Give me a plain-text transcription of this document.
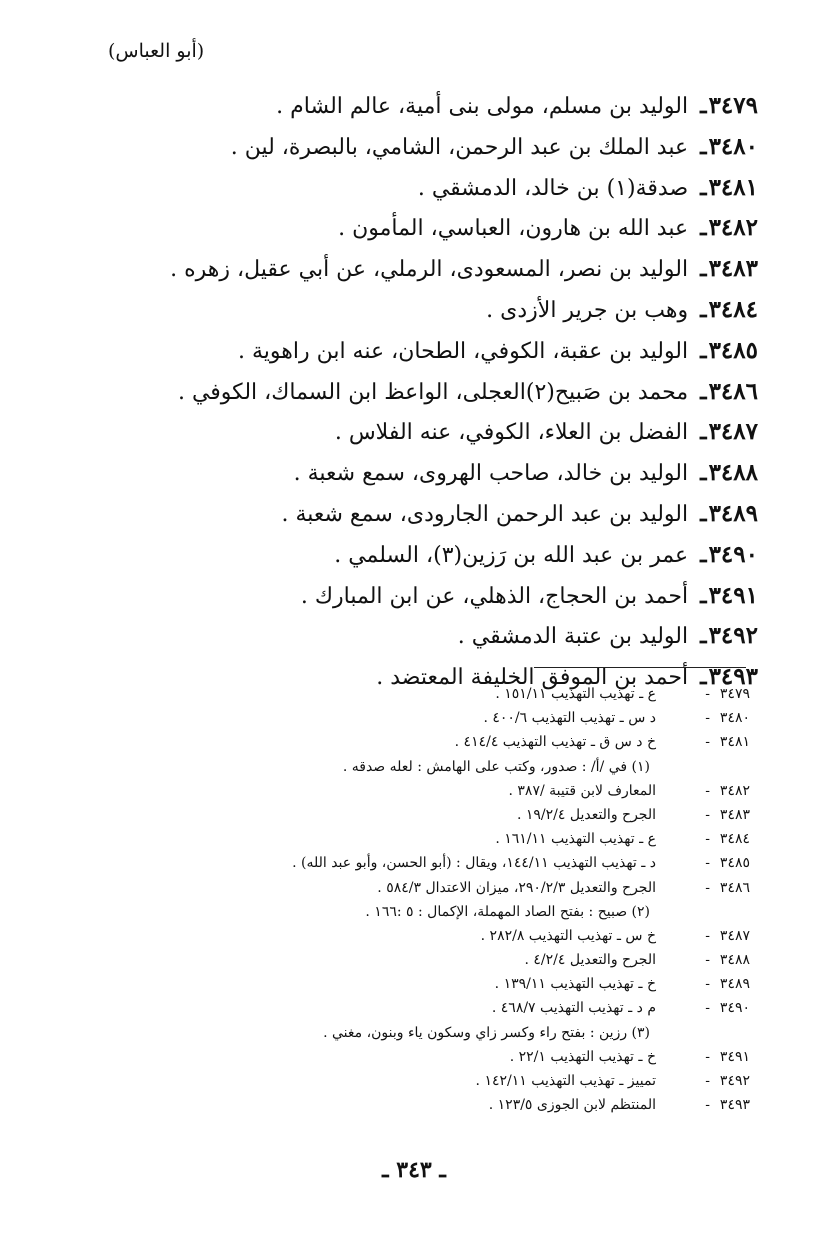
(أبو العباس)
٣٤٧٩
ـ
الوليد بن مسلم، مولى بنى أمية، عالم الشام .
٣٤٨٠
ـ
عبد الملك بن عبد الرحمن، الشامي، بالبصرة، لين .
٣٤٨١
ـ
صدقة(١) بن خالد، الدمشقي .
٣٤٨٢
ـ
عبد الله بن هارون، العباسي، المأمون .
٣٤٨٣
ـ
الوليد بن نصر، المسعودى، الرملي، عن أبي عقيل، زهره .
٣٤٨٤
ـ
وهب بن جرير الأزدى .
٣٤٨٥
ـ
الوليد بن عقبة، الكوفي، الطحان، عنه ابن راهوية .
٣٤٨٦
ـ
محمد بن صَبيح(٢)العجلى، الواعظ ابن السماك، الكوفي .
٣٤٨٧
ـ
الفضل بن العلاء، الكوفي، عنه الفلاس .
٣٤٨٨
ـ
الوليد بن خالد، صاحب الهروى، سمع شعبة .
٣٤٨٩
ـ
الوليد بن عبد الرحمن الجارودى، سمع شعبة .
٣٤٩٠
ـ
عمر بن عبد الله بن رَزين(٣)، السلمي .
٣٤٩١
ـ
أحمد بن الحجاج، الذهلي، عن ابن المبارك .
٣٤٩٢
ـ
الوليد بن عتبة الدمشقي .
٣٤٩٣
ـ
أحمد بن الموفق الخليفة المعتضد .
٣٤٧٩
-
ع ـ تهذيب التهذيب ١٥١/١١ .
٣٤٨٠
-
د س ـ تهذيب التهذيب ٤٠٠/٦ .
٣٤٨١
-
خ د س ق ـ تهذيب التهذيب ٤١٤/٤ .
(١) في /أ/ : صدور، وكتب على الهامش : لعله صدقه .
٣٤٨٢
-
المعارف لابن قتيبة /٣٨٧ .
٣٤٨٣
-
الجرح والتعديل ١٩/٢/٤ .
٣٤٨٤
-
ع ـ تهذيب التهذيب ١٦١/١١ .
٣٤٨٥
-
د ـ تهذيب التهذيب ١٤٤/١١، ويقال : (أبو الحسن، وأبو عبد الله) .
٣٤٨٦
-
الجرح والتعديل ٢٩٠/٢/٣، ميزان الاعتدال ٥٨٤/٣ .
(٢) صبيح : بفتح الصاد المهملة، الإكمال : ٥ :١٦٦ .
٣٤٨٧
-
خ س ـ تهذيب التهذيب ٢٨٢/٨ .
٣٤٨٨
-
الجرح والتعديل ٤/٢/٤ .
٣٤٨٩
-
خ ـ تهذيب التهذيب ١٣٩/١١ .
٣٤٩٠
-
م د ـ تهذيب التهذيب ٤٦٨/٧ .
(٣) رزين : بفتح راء وكسر زاي وسكون ياء وبنون، مغني .
٣٤٩١
-
خ ـ تهذيب التهذيب ٢٢/١ .
٣٤٩٢
-
تمييز ـ تهذيب التهذيب ١٤٢/١١ .
٣٤٩٣
-
المنتظم لابن الجوزى ١٢٣/٥ .
ـ ٣٤٣ ـ
